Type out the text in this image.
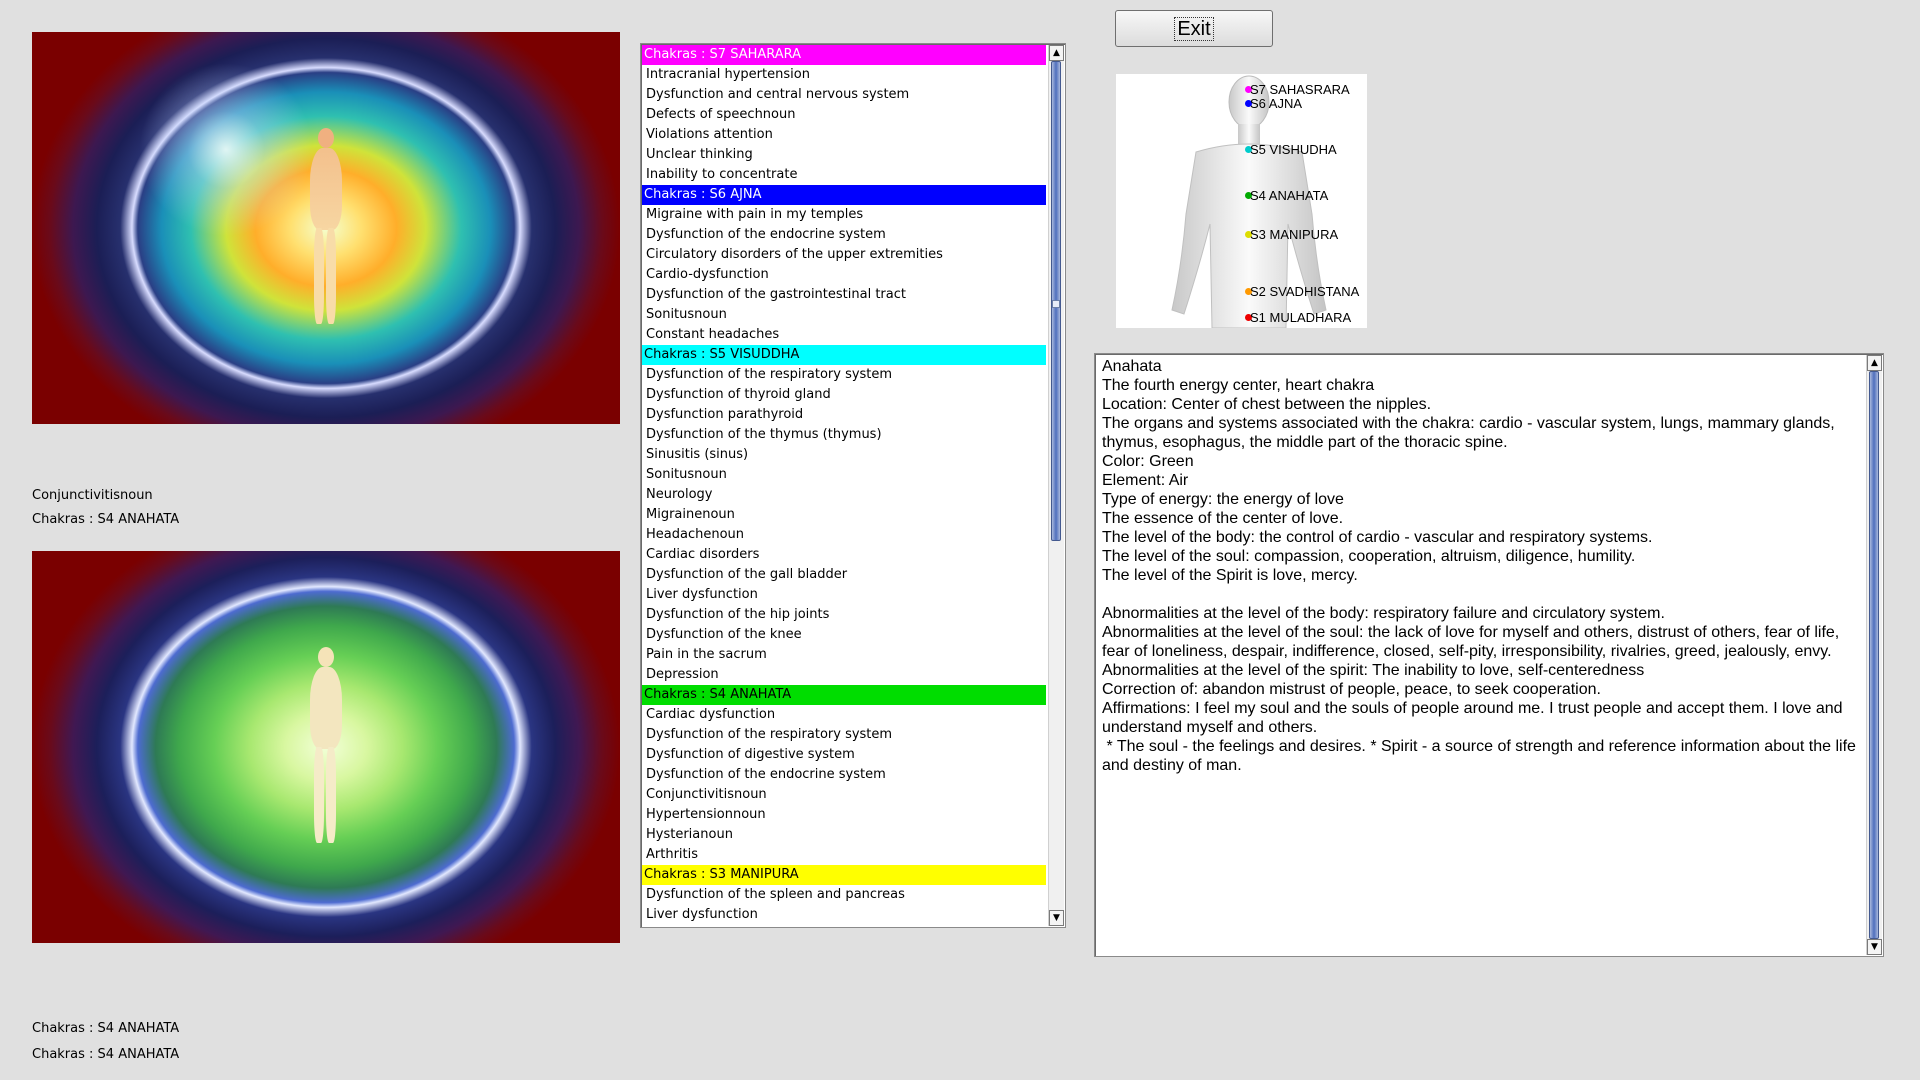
Conjunctivitisnoun
Chakras : S4 ANAHATA
Chakras : S4 ANAHATA
Chakras : S4 ANAHATA
Chakras : S7 SAHARARA
Intracranial hypertension
Dysfunction and central nervous system
Defects of speechnoun
Violations attention
Unclear thinking
Inability to concentrate
Chakras : S6 AJNA
Migraine with pain in my temples
Dysfunction of the endocrine system
Circulatory disorders of the upper extremities
Cardio-dysfunction
Dysfunction of the gastrointestinal tract
Sonitusnoun
Constant headaches
Chakras : S5 VISUDDHA
Dysfunction of the respiratory system
Dysfunction of thyroid gland
Dysfunction parathyroid
Dysfunction of the thymus (thymus)
Sinusitis (sinus)
Sonitusnoun
Neurology
Migrainenoun
Headachenoun
Cardiac disorders
Dysfunction of the gall bladder
Liver dysfunction
Dysfunction of the hip joints
Dysfunction of the knee
Pain in the sacrum
Depression
Chakras : S4 ANAHATA
Cardiac dysfunction
Dysfunction of the respiratory system
Dysfunction of digestive system
Dysfunction of the endocrine system
Conjunctivitisnoun
Hypertensionnoun
Hysterianoun
Arthritis
Chakras : S3 MANIPURA
Dysfunction of the spleen and pancreas
Liver dysfunction
▲
▼
Exit
S7 SAHASRARA
S6 AJNA
S5 VISHUDHA
S4 ANAHATA
S3 MANIPURA
S2 SVADHISTANA
S1 MULADHARA
Anahata
The fourth energy center, heart chakra
Location: Center of chest between the nipples.
The organs and systems associated with the chakra: cardio - vascular system, lungs, mammary glands, thymus, esophagus, the middle part of the thoracic spine.
Color: Green
Element: Air
Type of energy: the energy of love
The essence of the center of love.
The level of the body: the control of cardio - vascular and respiratory systems.
The level of the soul: compassion, cooperation, altruism, diligence, humility.
The level of the Spirit is love, mercy.

Abnormalities at the level of the body: respiratory failure and circulatory system.
Abnormalities at the level of the soul: the lack of love for myself and others, distrust of others, fear of life, fear of loneliness, despair, indifference, closed, self-pity, irresponsibility, rivalries, greed, jealously, envy.
Abnormalities at the level of the spirit: The inability to love, self-centeredness
Correction of: abandon mistrust of people, peace, to seek cooperation.
Affirmations: I feel my soul and the souls of people around me. I trust people and accept them. I love and understand myself and others.
* The soul - the feelings and desires. * Spirit - a source of strength and reference information about the life and destiny of man.
▲
▼
